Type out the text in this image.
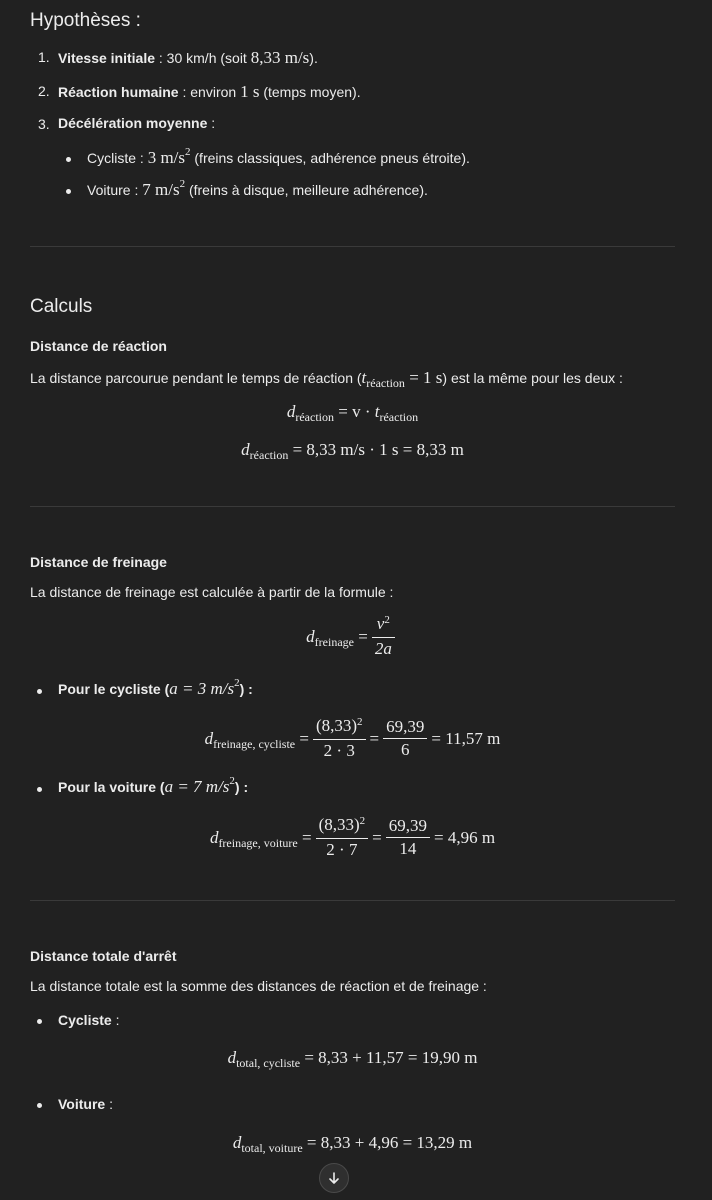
Hypothèses :
1. Vitesse initiale : 30 km/h (soit 8,33 m/s).
2. Réaction humaine : environ 1 s (temps moyen).
3. Décélération moyenne :
Cycliste : 3 $m/s^2$ (freins classiques, adhérence pneus étroite).
Voiture : 7 $m/s^2$ (freins à disque, meilleure adhérence).
Calculs
Distance de réaction
La distance parcourue pendant le temps de réaction (tréaction = 1 s) est la même pour les deux :
$d_{réaction} = v \cdot t_{réaction}$
$d_{réaction} = 8,33$ m/s · 1 s = 8,33 m
Distance de freinage
La distance de freinage est calculée à partir de la formule :
$d_{freinage} = \frac{v^2}{2a}$
Pour le cycliste (a = 3 $m/s^2$) :
$d_{freinage, cycliste} = \frac{(8,33)^2}{2 \cdot 3} = \frac{69,39}{6} = 11,57$ m
Pour la voiture (a = 7 $m/s^2$) :
$d_{freinage, voiture} = \frac{(8,33)^2}{2 \cdot 7} = \frac{69,39}{14} = 4,96$ m
Distance totale d'arrêt
La distance totale est la somme des distances de réaction et de freinage :
Cycliste :
$d_{total, cycliste} = 8,33 + 11,57 = 19,90$ m
Voiture :
$d_{total, voiture} = 8,33 + 4,96 = 13,29$ m
